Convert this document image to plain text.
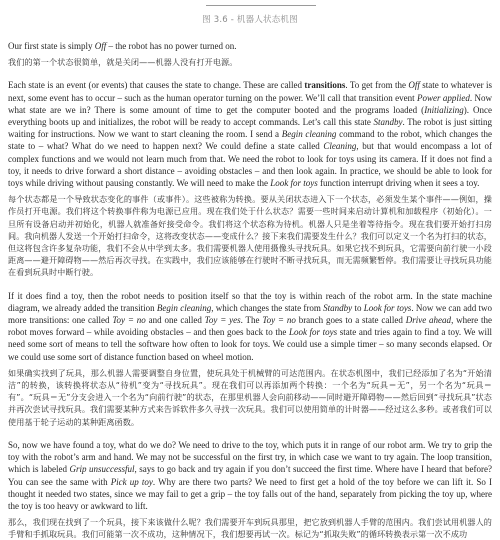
图 3.6 - 机器人状态机图

Our first state is simply Off – the robot has no power turned on.

我们的第一个状态很简单，就是关闭——机器人没有打开电源。

Each state is an event (or events) that causes the state to change. These are called transitions. To get from the Off state to whatever is next, some event has to occur – such as the human operator turning on the power. We’ll call that transition event Power applied. Now what state are we in? There is some amount of time to get the computer booted and the programs loaded (Initializing). Once everything boots up and initializes, the robot will be ready to accept commands. Let’s call this state Standby. The robot is just sitting waiting for instructions. Now we want to start cleaning the room. I send a Begin cleaning command to the robot, which changes the state to – what? What do we need to happen next? We could define a state called Cleaning, but that would encompass a lot of complex functions and we would not learn much from that. We need the robot to look for toys using its camera. If it does not find a toy, it needs to drive forward a short distance – avoiding obstacles – and then look again. In practice, we should be able to look for toys while driving without pausing constantly. We will need to make the Look for toys function interrupt driving when it sees a toy.

每个状态都是一个导致状态变化的事件（或事件）。这些被称为转换。要从关闭状态进入下一个状态，必须发生某个事件——例如，操作员打开电源。我们将这个转换事件称为电源已应用。现在我们处于什么状态？需要一些时间来启动计算机和加载程序（初始化）。一旦所有设备启动并初始化，机器人就准备好接受命令。我们将这个状态称为待机。机器人只是坐着等待指令。现在我们要开始打扫房间。我向机器人发送一个开始打扫命令，这将改变状态——变成什么？接下来我们需要发生什么？我们可以定义一个名为打扫的状态，但这将包含许多复杂功能，我们不会从中学到太多。我们需要机器人使用摄像头寻找玩具。如果它找不到玩具，它需要向前行驶一小段距离——避开障碍物——然后再次寻找。在实践中，我们应该能够在行驶时不断寻找玩具，而无需频繁暂停。我们需要让寻找玩具功能在看到玩具时中断行驶。

If it does find a toy, then the robot needs to position itself so that the toy is within reach of the robot arm. In the state machine diagram, we already added the transition Begin cleaning, which changes the state from Standby to Look for toys. Now we can add two more transitions: one called Toy = no and one called Toy = yes. The Toy = no branch goes to a state called Drive ahead, where the robot moves forward – while avoiding obstacles – and then goes back to the Look for toys state and tries again to find a toy. We will need some sort of means to tell the software how often to look for toys. We could use a simple timer – so many seconds elapsed. Or we could use some sort of distance function based on wheel motion.

如果确实找到了玩具，那么机器人需要调整自身位置，使玩具处于机械臂的可达范围内。在状态机图中，我们已经添加了名为“开始清洁”的转换，该转换将状态从“待机”变为“寻找玩具”。现在我们可以再添加两个转换：一个名为“玩具＝无”，另一个名为“玩具＝有”。“玩具＝无”分支会进入一个名为“向前行驶”的状态，在那里机器人会向前移动——同时避开障碍物——然后回到“寻找玩具”状态并再次尝试寻找玩具。我们需要某种方式来告诉软件多久寻找一次玩具。我们可以使用简单的计时器——经过这么多秒。或者我们可以使用基于轮子运动的某种距离函数。

So, now we have found a toy, what do we do? We need to drive to the toy, which puts it in range of our robot arm. We try to grip the toy with the robot’s arm and hand. We may not be successful on the first try, in which case we want to try again. The loop transition, which is labeled Grip unsuccessful, says to go back and try again if you don’t succeed the first time. Where have I heard that before? You can see the same with Pick up toy. Why are there two parts? We need to first get a hold of the toy before we can lift it. So I thought it needed two states, since we may fail to get a grip – the toy falls out of the hand, separately from picking the toy up, where the toy is too heavy or awkward to lift.

那么，我们现在找到了一个玩具，接下来该做什么呢？我们需要开车到玩具那里，把它放到机器人手臂的范围内。我们尝试用机器人的手臂和手抓取玩具。我们可能第一次不成功，这种情况下，我们想要再试一次。标记为“抓取失败”的循环转换表示第一次不成功
